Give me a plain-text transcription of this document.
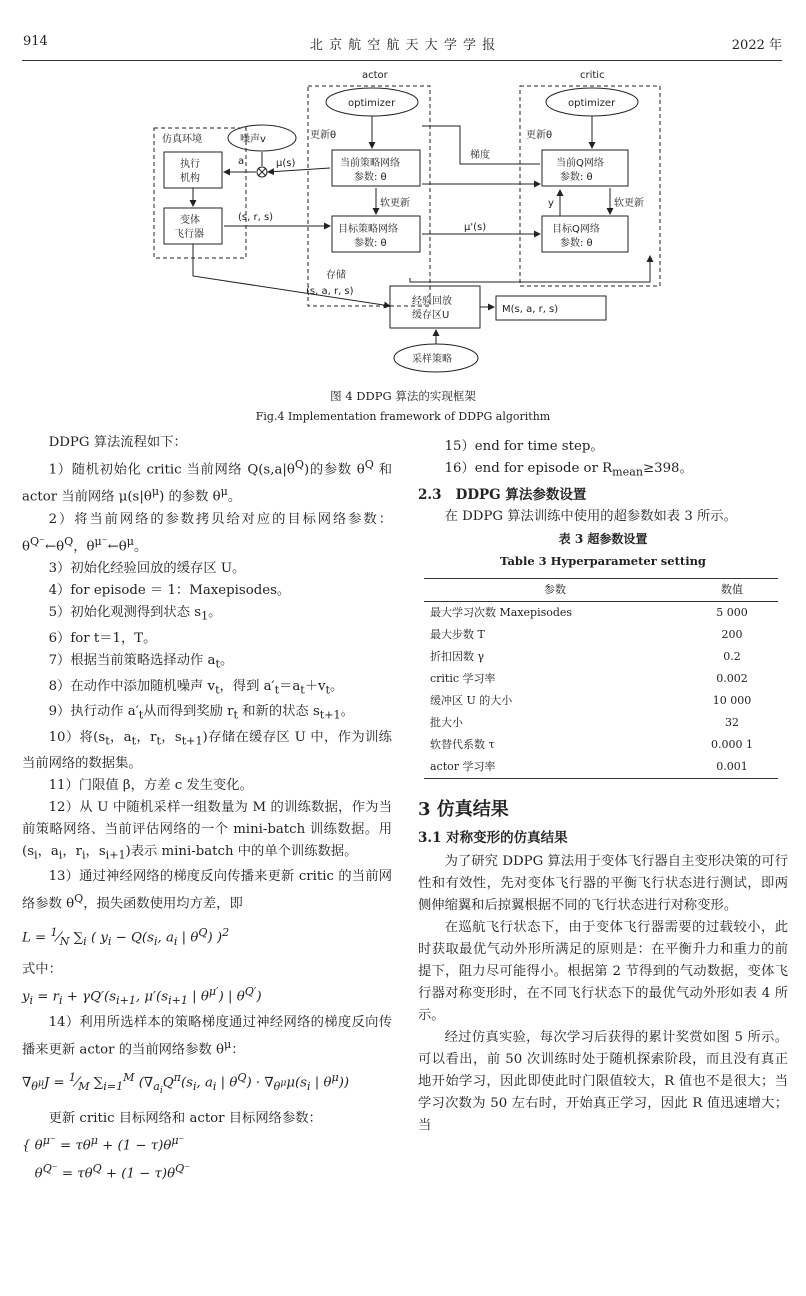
914	北 京 航 空 航 天 大 学 学 报	2022 年
actor	critic
optimizer	optimizer
更新θ	更新θ
仿真环境	噪声v
a	μ(s)
执行
机构
变体
飞行器
(s, r, s)
当前策略网络
参数: θ
梯度
当前Q网络
参数: θ
软更新	软更新
y
目标策略网络
参数: θ
μ'(s)	目标Q网络
参数: θ
存储
(s, a, r, s)
经验回放
缓存区U
M(s, a, r, s)
采样策略
图 4 DDPG 算法的实现框架
Fig.4 Implementation framework of DDPG algorithm

DDPG 算法流程如下：

1）随机初始化 critic 当前网络 $Q(s,a|\theta^Q)$的参数 $\theta^Q$ 和 actor 当前网络 $\mu(s|\theta^\mu)$ 的参数 $\theta^\mu$。

2）将当前网络的参数拷贝给对应的目标网络参数：$\theta^{Q^-}\leftarrow\theta^Q$，$\theta^{\mu^-}\leftarrow\theta^\mu$。

3）初始化经验回放的缓存区 U。

4）for episode ＝ 1：Maxepisodes。

5）初始化观测得到状态 $s_1$。

6）for t＝1，T。

7）根据当前策略选择动作 $a_t$。

8）在动作中添加随机噪声 $v_t$，得到 $a'_t=a_t+v_t$。

9）执行动作 $a'_t$从而得到奖励 $r_t$ 和新的状态 $s_{t+1}$。

10）将($s_t$，$a_t$，$r_t$，$s_{t+1}$)存储在缓存区 U 中，作为训练当前网络的数据集。

11）门限值 β，方差 c 发生变化。

12）从 U 中随机采样一组数量为 M 的训练数据，作为当前策略网络、当前评估网络的一个 mini-batch 训练数据。用($s_i$，$a_i$，$r_i$，$s_{i+1}$)表示 mini-batch 中的单个训练数据。

13）通过神经网络的梯度反向传播来更新 critic 的当前网络参数 $\theta^Q$，损失函数使用均方差，即

$L = ^1⁄_N$ $\sum_i$ ( $y_i - Q(s_i$, $a_i$ | $\theta^Q$) )$^2$

式中：

$y_i = r_i + \gamma Q'(s_{i+1}$, $\mu'(s_{i+1}$ | $\theta^{\mu'}$) | $\theta^{Q'}$)

14）利用所选样本的策略梯度通过神经网络的梯度反向传播来更新 actor 的当前网络参数 $\theta^\mu$：

$\nabla_{\theta^\mu}J$ = $^1⁄_M$ $\sum_{i=1}^M$ ($\nabla_{a_i}Q^\pi(s_i$, $a_i$ | $\theta^Q) \cdot \nabla_{\theta^\mu}\mu(s_i$ | $\theta^\mu$))

更新 critic 目标网络和 actor 目标网络参数：

{ $\theta^{\mu^-} = \tau\theta^\mu + (1 - \tau)\theta^{\mu^-}$
$\theta^{Q^-} = \tau\theta^Q + (1 - \tau)\theta^{Q^-}$

15）end for time step。

16）end for episode or $R_{mean}\ge 398$。

2.3 DDPG 算法参数设置

在 DDPG 算法训练中使用的超参数如表 3 所示。

表 3 超参数设置

Table 3 Hyperparameter setting

参数	数值
最大学习次数 Maxepisodes	5 000
最大步数 T	200
折扣因数 γ	0.2
critic 学习率	0.002
缓冲区 U 的大小	10 000
批大小	32
软替代系数 τ	0.000 1
actor 学习率	0.001

3 仿真结果

3.1 对称变形的仿真结果

为了研究 DDPG 算法用于变体飞行器自主变形决策的可行性和有效性，先对变体飞行器的平衡飞行状态进行测试，即两侧伸缩翼和后掠翼根据不同的飞行状态进行对称变形。

在巡航飞行状态下，由于变体飞行器需要的过载较小，此时获取最优气动外形所满足的原则是：在平衡升力和重力的前提下，阻力尽可能得小。根据第 2 节得到的气动数据，变体飞行器对称变形时，在不同飞行状态下的最优气动外形如表 4 所示。

经过仿真实验，每次学习后获得的累计奖赏如图 5 所示。可以看出，前 50 次训练时处于随机探索阶段，而且没有真正地开始学习，因此即使此时门限值较大，R 值也不是很大；当学习次数为 50 左右时，开始真正学习，因此 R 值迅速增大；当
